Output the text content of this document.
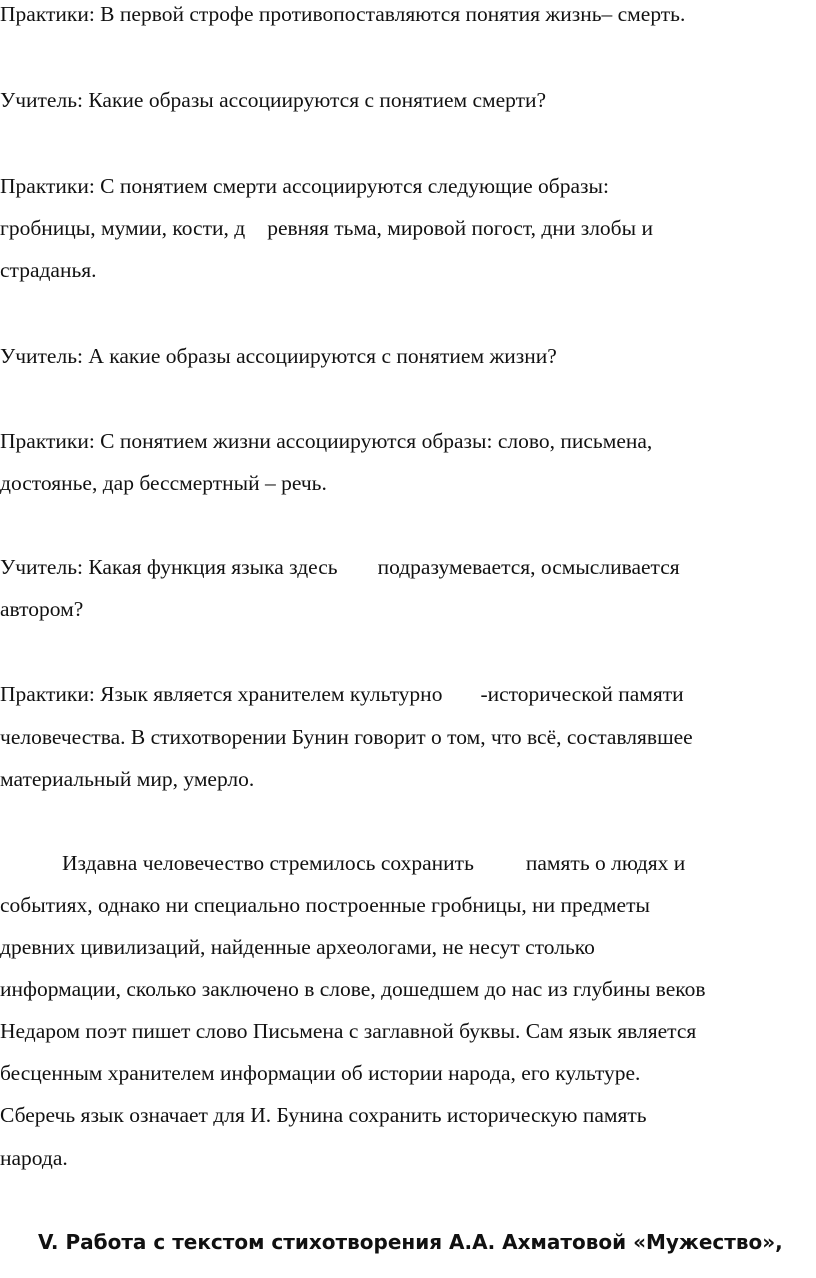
Практики: В первой строфе противопоставляются понятия жизнь– смерть.
Учитель: Какие образы ассоциируются с понятием смерти?
Практики: С понятием смерти ассоциируются следующие образы:
гробницы, мумии, кости, д ревняя тьма, мировой погост, дни злобы и
страданья.
Учитель: А какие образы ассоциируются с понятием жизни?
Практики: С понятием жизни ассоциируются образы: слово, письмена,
достоянье, дар бессмертный – речь.
Учитель: Какая функция языка здесь подразумевается, осмысливается
автором?
Практики: Язык является хранителем культурно -исторической памяти
человечества. В стихотворении Бунин говорит о том, что всё, составлявшее
материальный мир, умерло.
Издавна человечество стремилось сохранить память о людях и
событиях, однако ни специально построенные гробницы, ни предметы
древних цивилизаций, найденные археологами, не несут столько
информации, сколько заключено в слове, дошедшем до нас из глубины веков
Недаром поэт пишет слово Письмена с заглавной буквы. Сам язык является
бесценным хранителем информации об истории народа, его культуре.
Сберечь язык означает для И. Бунина сохранить историческую память
народа.
V. Работа с текстом стихотворения А.А. Ахматовой «Мужество»,
